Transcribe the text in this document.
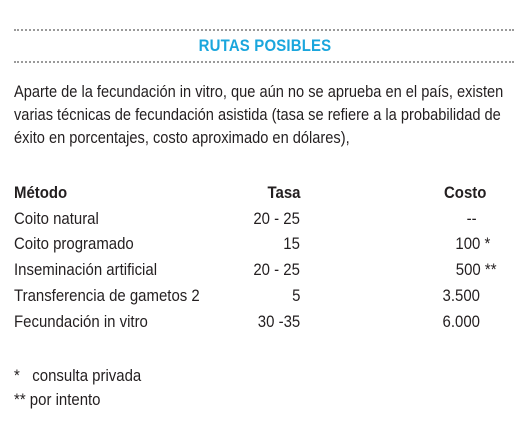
RUTAS POSIBLES
Aparte de la fecundación in vitro, que aún no se aprueba en el país, existen
varias técnicas de fecundación asistida (tasa se refiere a la probabilidad de
éxito en porcentajes, costo aproximado en dólares),
Método	Tasa	Costo
Coito natural	20 - 25	--
Coito programado	15	100 *
Inseminación artificial	20 - 25	500 **
Transferencia de gametos 2	5	3.500
Fecundación in vitro	30 -35	6.000
*   consulta privada
** por intento
